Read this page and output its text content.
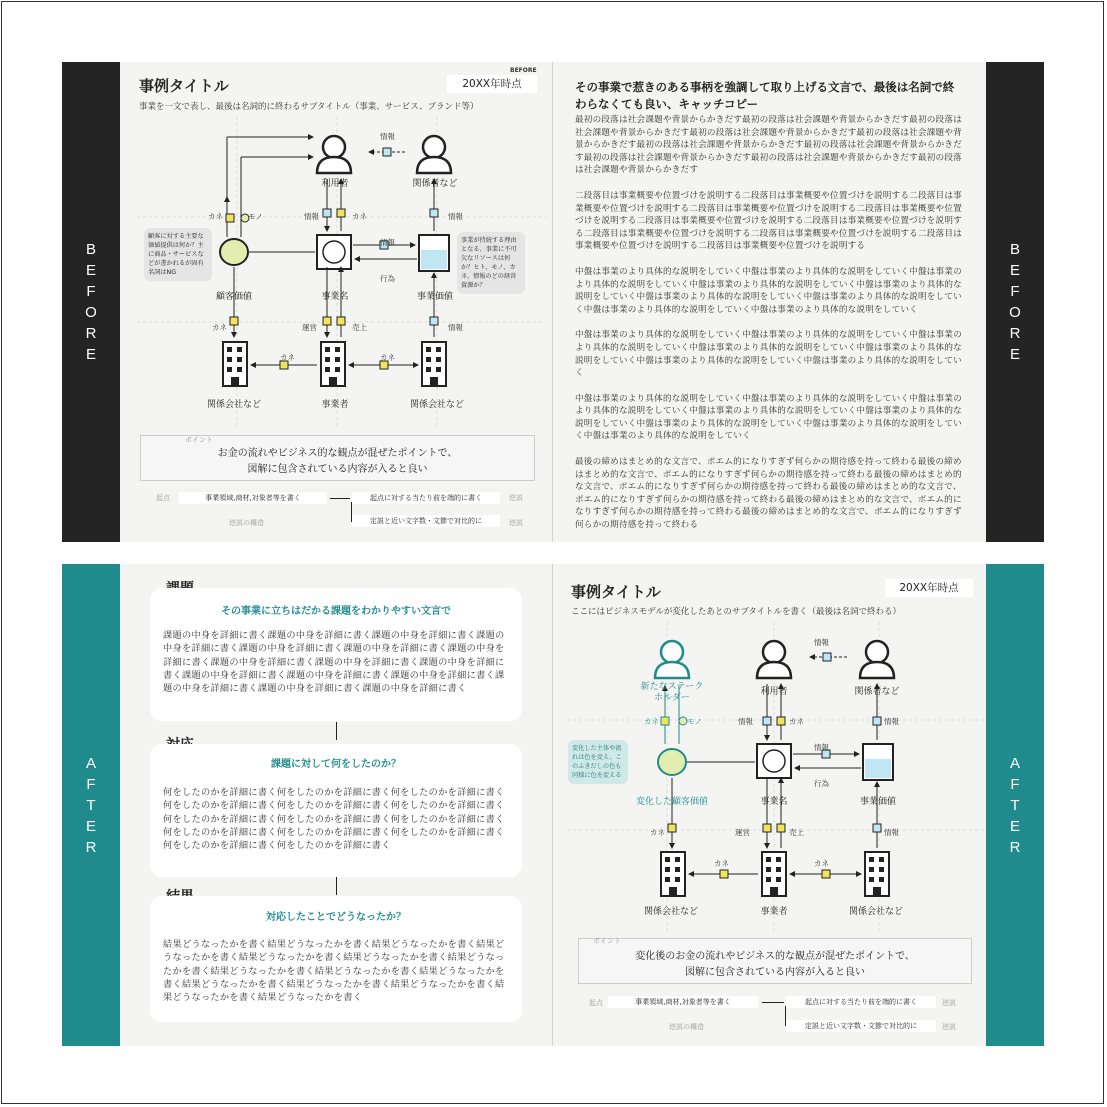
BEFORE
事例タイトル	20XX年時点
事業を一文で表し、最後は名詞的に終わるサブタイトル（事業、サービス、ブランド等）
利用者	関係者など
情報
顧客価値	事業名	事業価値
関係会社など	事業者	関係会社など
カネ	モノ	情報	カネ	情報
情報
行為
カネ	運営	売上	情報
カネ	カネ
顧客に対する主要な価値提供は何か？主に商品・サービスなどが書かれるが固有名詞はNG
事業が持続する理由となる、事業に不可欠なリソースは何か？ヒト、モノ、カネ、情報のどの経営資源か？
ポイント
お金の流れやビジネス的な観点が混ぜたポイントで、
図解に包含されている内容が入ると良い
起点	事業領域,商材,対象者等を書く	起点に対する当たり前を端的に書く	逆説
逆説の構造	定説と近い文字数・文節で対比的に	逆説
その事業で惹きのある事柄を強調して取り上げる文言で、最後は名詞で終わらなくても良い、キャッチコピー

最初の段落は社会課題や背景からかきだす最初の段落は社会課題や背景からかきだす最初の段落は社会課題や背景からかきだす最初の段落は社会課題や背景からかきだす最初の段落は社会課題や背景からかきだす最初の段落は社会課題や背景からかきだす最初の段落は社会課題や背景からかきだす最初の段落は社会課題や背景からかきだす最初の段落は社会課題や背景からかきだす最初の段落は社会課題や背景からかきだす

二段落目は事業概要や位置づけを説明する二段落目は事業概要や位置づけを説明する二段落目は事業概要や位置づけを説明する二段落目は事業概要や位置づけを説明する二段落目は事業概要や位置づけを説明する二段落目は事業概要や位置づけを説明する二段落目は事業概要や位置づけを説明する二段落目は事業概要や位置づけを説明する二段落目は事業概要や位置づけを説明する二段落目は事業概要や位置づけを説明する二段落目は事業概要や位置づけを説明する

中盤は事業のより具体的な説明をしていく中盤は事業のより具体的な説明をしていく中盤は事業のより具体的な説明をしていく中盤は事業のより具体的な説明をしていく中盤は事業のより具体的な説明をしていく中盤は事業のより具体的な説明をしていく中盤は事業のより具体的な説明をしていく中盤は事業のより具体的な説明をしていく中盤は事業のより具体的な説明をしていく

中盤は事業のより具体的な説明をしていく中盤は事業のより具体的な説明をしていく中盤は事業のより具体的な説明をしていく中盤は事業のより具体的な説明をしていく中盤は事業のより具体的な説明をしていく中盤は事業のより具体的な説明をしていく中盤は事業のより具体的な説明をしていく

中盤は事業のより具体的な説明をしていく中盤は事業のより具体的な説明をしていく中盤は事業のより具体的な説明をしていく中盤は事業のより具体的な説明をしていく中盤は事業のより具体的な説明をしていく中盤は事業のより具体的な説明をしていく中盤は事業のより具体的な説明をしていく中盤は事業のより具体的な説明をしていく

最後の締めはまとめ的な文言で、ポエム的になりすぎず何らかの期待感を持って終わる最後の締めはまとめ的な文言で、ポエム的になりすぎず何らかの期待感を持って終わる最後の締めはまとめ的な文言で、ポエム的になりすぎず何らかの期待感を持って終わる最後の締めはまとめ的な文言で、ポエム的になりすぎず何らかの期待感を持って終わる最後の締めはまとめ的な文言で、ポエム的になりすぎず何らかの期待感を持って終わる最後の締めはまとめ的な文言で、ポエム的になりすぎず何らかの期待感を持って終わる

B
E
F
O
R
E
B
E
F
O
R
E
その事業に立ちはだかる課題をわかりやすい文言で
課題の中身を詳細に書く課題の中身を詳細に書く課題の中身を詳細に書く課題の中身を詳細に書く課題の中身を詳細に書く課題の中身を詳細に書く課題の中身を詳細に書く課題の中身を詳細に書く課題の中身を詳細に書く課題の中身を詳細に書く課題の中身を詳細に書く課題の中身を詳細に書く課題の中身を詳細に書く課題の中身を詳細に書く課題の中身を詳細に書く課題の中身を詳細に書く
課題に対して何をしたのか？
何をしたのかを詳細に書く何をしたのかを詳細に書く何をしたのかを詳細に書く何をしたのかを詳細に書く何をしたのかを詳細に書く何をしたのかを詳細に書く何をしたのかを詳細に書く何をしたのかを詳細に書く何をしたのかを詳細に書く何をしたのかを詳細に書く何をしたのかを詳細に書く何をしたのかを詳細に書く何をしたのかを詳細に書く何をしたのかを詳細に書く
対応したことでどうなったか？
結果どうなったかを書く結果どうなったかを書く結果どうなったかを書く結果どうなったかを書く結果どうなったかを書く結果どうなったかを書く結果どうなったかを書く結果どうなったかを書く結果どうなったかを書く結果どうなったかを書く結果どうなったかを書く結果どうなったかを書く結果どうなったかを書く結果どうなったかを書く結果どうなったかを書く
事例タイトル	20XX年時点
ここにはビジネスモデルが変化したあとのサブタイトルを書く（最後は名詞で終わる）
新たなステークホルダー
利用者	関係者など
情報
変化した顧客価値	事業名	事業価値
関係会社など	事業者	関係会社など
カネ	モノ	情報	カネ	情報
情報
行為
カネ	運営	売上	情報
カネ	カネ
変化した主体や流れは色を変え、このふきだしの色も同様に色を変える
ポイント
変化後のお金の流れやビジネス的な観点が混ぜたポイントで、
図解に包含されている内容が入ると良い
起点	事業領域,商材,対象者等を書く	起点に対する当たり前を端的に書く	逆説
逆説の構造	定説と近い文字数・文節で対比的に	逆説
A
F
T
E
R
A
F
T
E
R
